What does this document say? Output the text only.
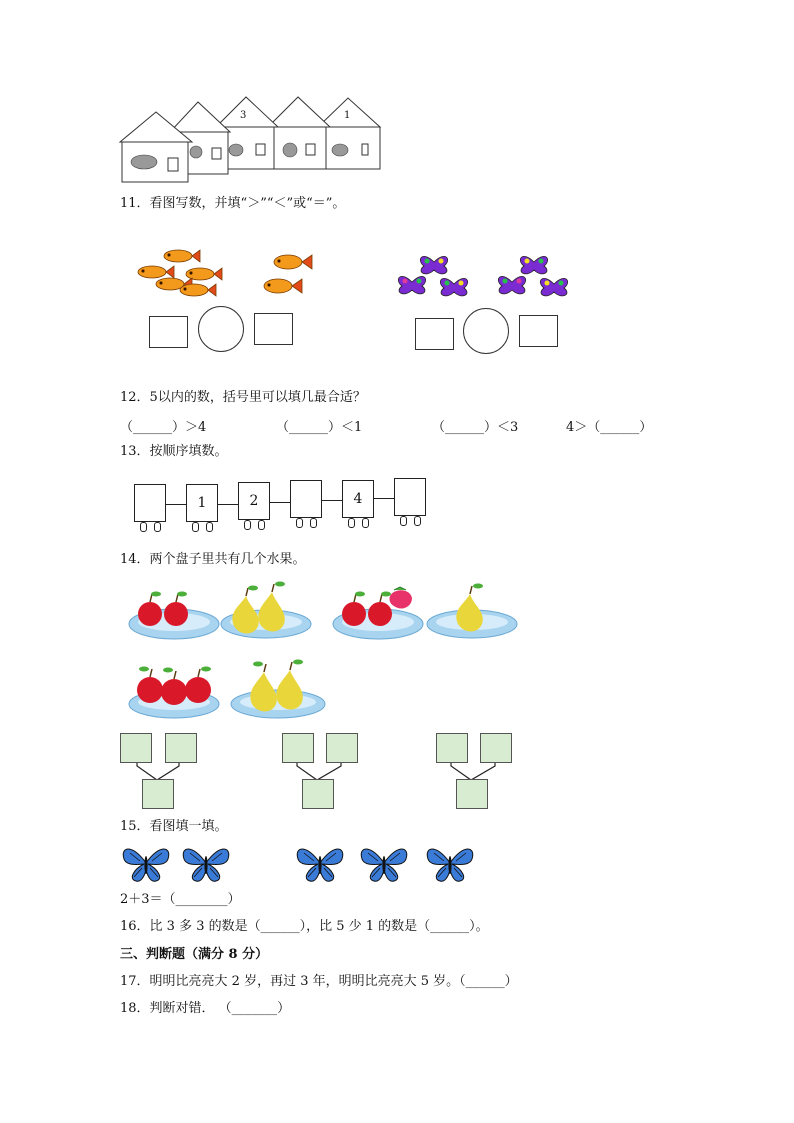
3	1
11．看图写数，并填“＞”“＜”或“＝”。
12．5以内的数，括号里可以填几最合适？
（______）＞4	（______）＜1	（______）＜3	4＞（______）
13．按顺序填数。
1	2	4
14．两个盘子里共有几个水果。
15．看图填一填。
2＋3＝（________）
16．比 3 多 3 的数是（______），比 5 少 1 的数是（______）。
三、判断题（满分 8 分）
17．明明比亮亮大 2 岁，再过 3 年，明明比亮亮大 5 岁。（______）
18．判断对错． （_______）
